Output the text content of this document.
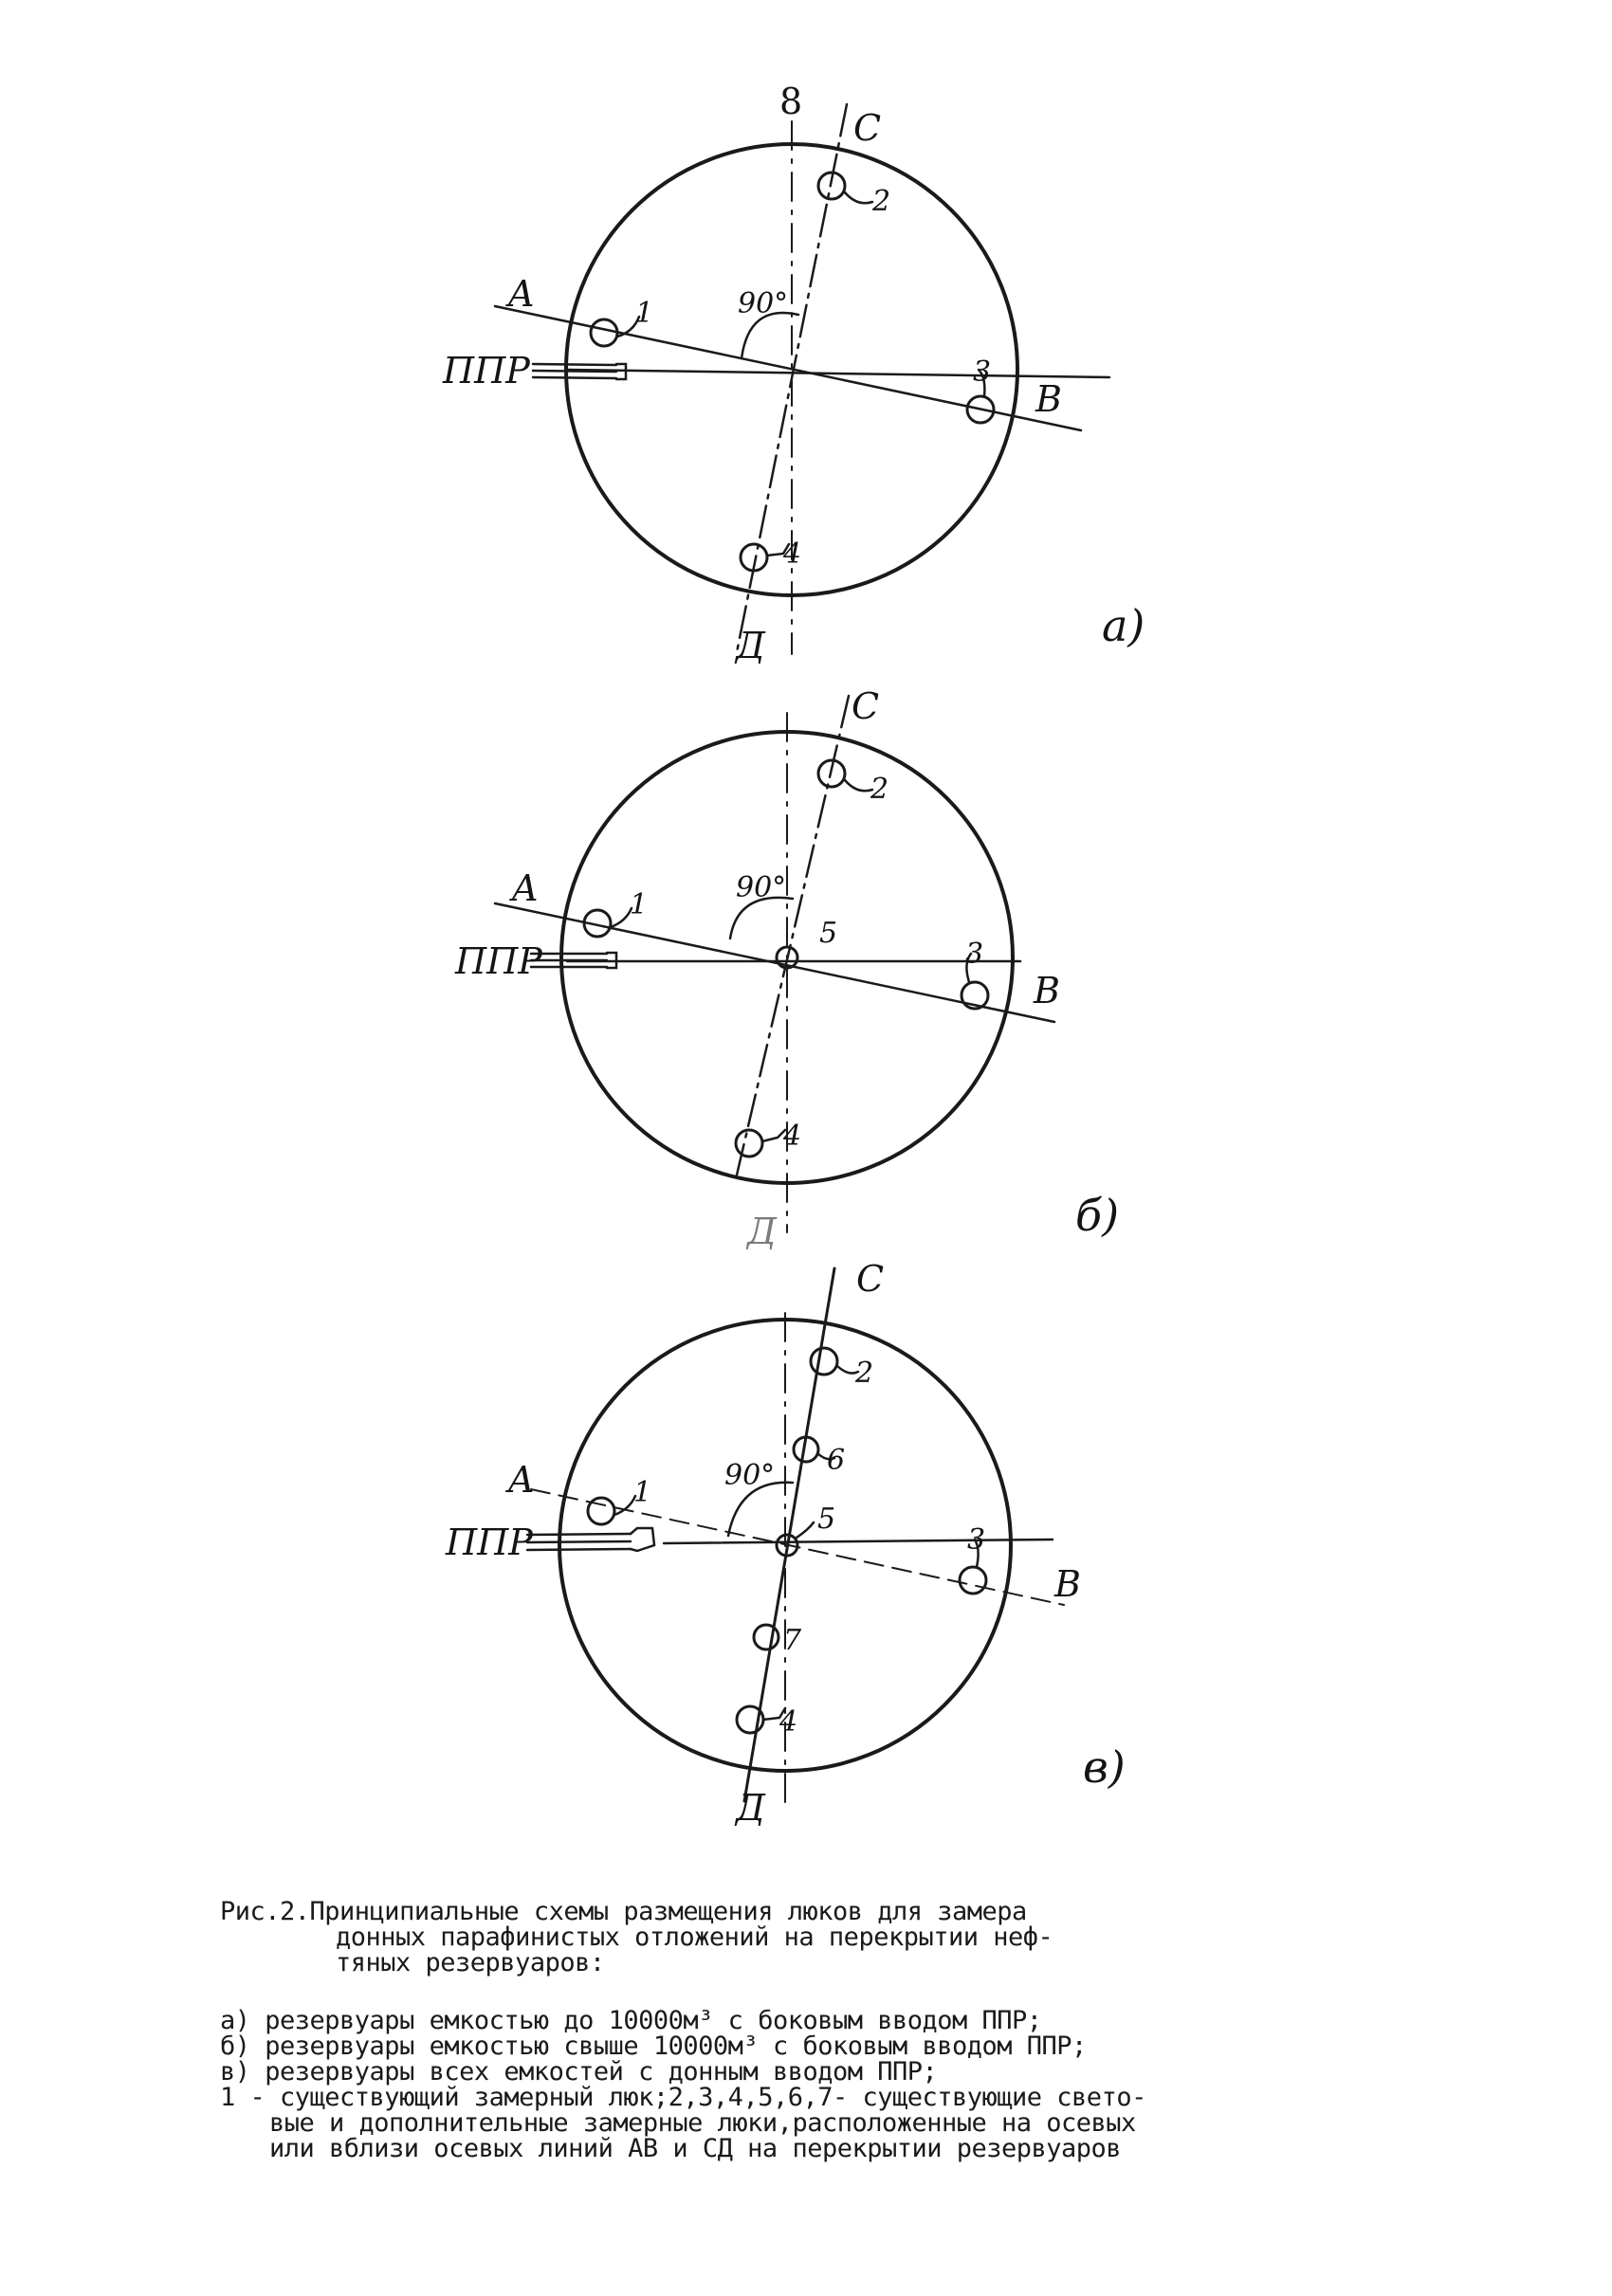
8
C
A
B
Д
90°
ППР
1
2
3
4
а)
C
A
B
Д
90°
ППР
1
2
3
4
5
б)
C
A
B
Д
90°
ППР
1
2
3
4
5
6
7
в)
Рис.2.Принципиальные схемы размещения люков для замера
донных парафинистых отложений на перекрытии неф-
тяных резервуаров:
а) резервуары емкостью до 10000м³ с боковым вводом ППР;
б) резервуары емкостью свыше 10000м³ с боковым вводом ППР;
в) резервуары всех емкостей с донным вводом ППР;
1 - существующий замерный люк;2,3,4,5,6,7- существующие свето-
вые и дополнительные замерные люки,расположенные на осевых
или вблизи осевых линий АВ и СД на перекрытии резервуаров
